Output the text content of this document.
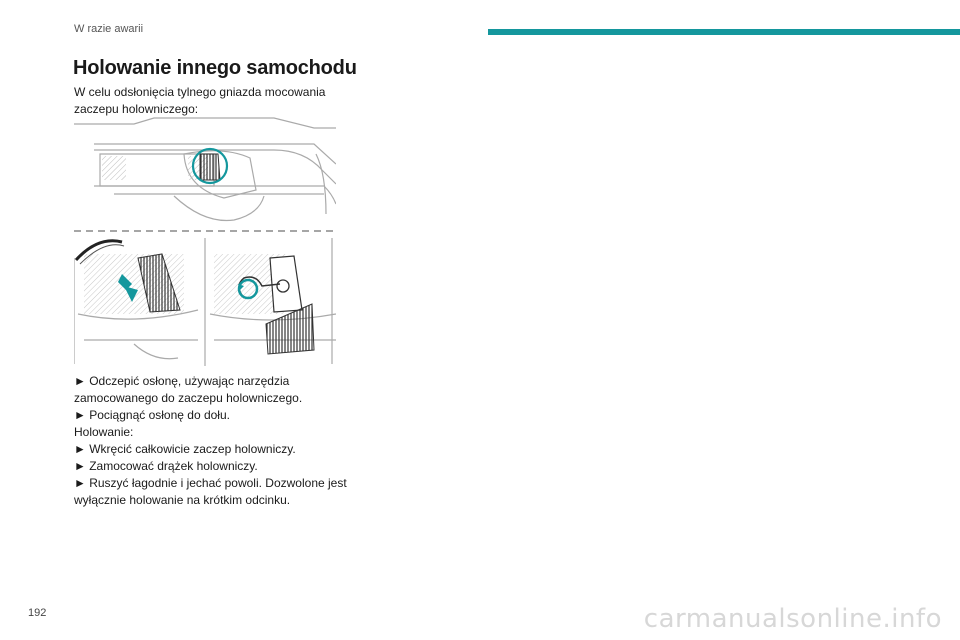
W razie awarii
Holowanie innego samochodu

W celu odsłonięcia tylnego gniazda mocowania zaczepu holowniczego:

► Odczepić osłonę, używając narzędzia zamocowanego do zaczepu holowniczego.
► Pociągnąć osłonę do dołu.
Holowanie:
► Wkręcić całkowicie zaczep holowniczy.
► Zamocować drążek holowniczy.
► Ruszyć łagodnie i jechać powoli. Dozwolone jest wyłącznie holowanie na krótkim odcinku.

192	carmanualsonline.info
